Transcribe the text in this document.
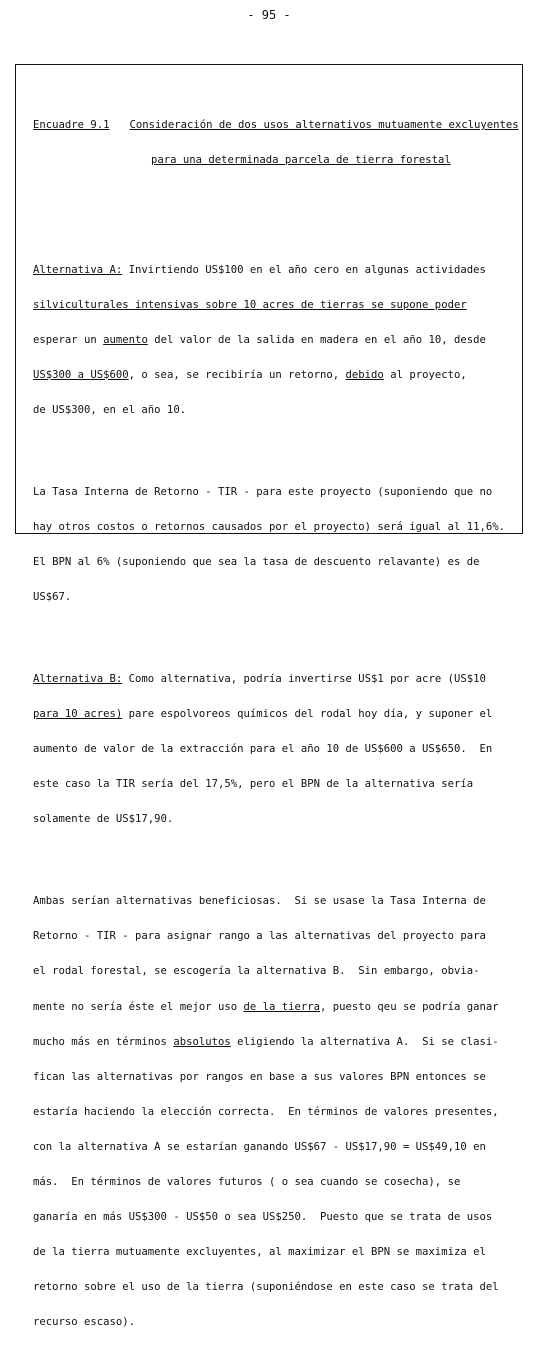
- 95 -

Encuadre 9.1 Consideración de dos usos alternativos mutuamente excluyentes

para una determinada parcela de tierra forestal

Alternativa A: Invirtiendo US$100 en el año cero en algunas actividades

silviculturales intensivas sobre 10 acres de tierras se supone poder

esperar un aumento del valor de la salida en madera en el año 10, desde

US$300 a US$600, o sea, se recibiría un retorno, debido al proyecto,

de US$300, en el año 10.

La Tasa Interna de Retorno - TIR - para este proyecto (suponiendo que no

hay otros costos o retornos causados por el proyecto) será igual al 11,6%.

El BPN al 6% (suponiendo que sea la tasa de descuento relavante) es de

US$67.

Alternativa B: Como alternativa, podría invertirse US$1 por acre (US$10

para 10 acres) pare espolvoreos químicos del rodal hoy día, y suponer el

aumento de valor de la extracción para el año 10 de US$600 a US$650.  En

este caso la TIR sería del 17,5%, pero el BPN de la alternativa sería

solamente de US$17,90.

Ambas serían alternativas beneficiosas.  Si se usase la Tasa Interna de

Retorno - TIR - para asignar rango a las alternativas del proyecto para

el rodal forestal, se escogería la alternativa B.  Sin embargo, obvia-

mente no sería éste el mejor uso de la tierra, puesto qeu se podría ganar

mucho más en términos absolutos eligiendo la alternativa A.  Si se clasi-

fican las alternativas por rangos en base a sus valores BPN entonces se

estaría haciendo la elección correcta.  En términos de valores presentes,

con la alternativa A se estarían ganando US$67 - US$17,90 = US$49,10 en

más.  En términos de valores futuros ( o sea cuando se cosecha), se

ganaría en más US$300 - US$50 o sea US$250.  Puesto que se trata de usos

de la tierra mutuamente excluyentes, al maximizar el BPN se maximiza el

retorno sobre el uso de la tierra (suponiéndose en este caso se trata del

recurso escaso).
